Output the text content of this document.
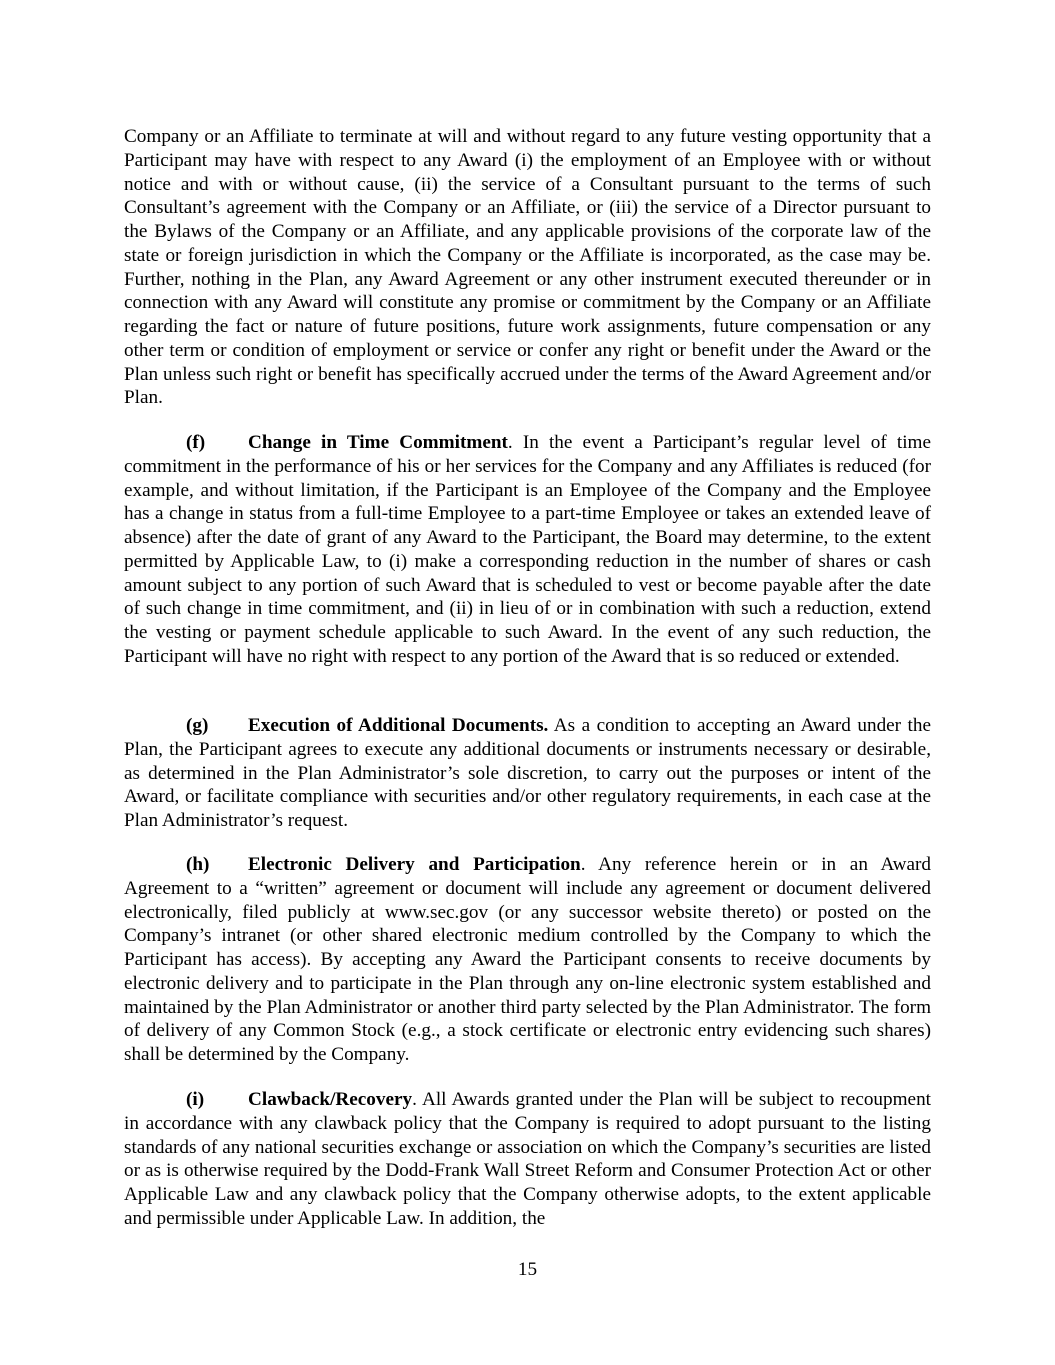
Company or an Affiliate to terminate at will and without regard to any future vesting opportunity that a Participant may have with respect to any Award (i) the employment of an Employee with or without notice and with or without cause, (ii) the service of a Consultant pursuant to the terms of such Consultant’s agreement with the Company or an Affiliate, or (iii) the service of a Director pursuant to the Bylaws of the Company or an Affiliate, and any applicable provisions of the corporate law of the state or foreign jurisdiction in which the Company or the Affiliate is incorporated, as the case may be. Further, nothing in the Plan, any Award Agreement or any other instrument executed thereunder or in connection with any Award will constitute any promise or commitment by the Company or an Affiliate regarding the fact or nature of future positions, future work assignments, future compensation or any other term or condition of employment or service or confer any right or benefit under the Award or the Plan unless such right or benefit has specifically accrued under the terms of the Award Agreement and/or Plan.

(f) Change in Time Commitment. In the event a Participant’s regular level of time commitment in the performance of his or her services for the Company and any Affiliates is reduced (for example, and without limitation, if the Participant is an Employee of the Company and the Employee has a change in status from a full-time Employee to a part-time Employee or takes an extended leave of absence) after the date of grant of any Award to the Participant, the Board may determine, to the extent permitted by Applicable Law, to (i) make a corresponding reduction in the number of shares or cash amount subject to any portion of such Award that is scheduled to vest or become payable after the date of such change in time commitment, and (ii) in lieu of or in combination with such a reduction, extend the vesting or payment schedule applicable to such Award. In the event of any such reduction, the Participant will have no right with respect to any portion of the Award that is so reduced or extended.

(g) Execution of Additional Documents. As a condition to accepting an Award under the Plan, the Participant agrees to execute any additional documents or instruments necessary or desirable, as determined in the Plan Administrator’s sole discretion, to carry out the purposes or intent of the Award, or facilitate compliance with securities and/or other regulatory requirements, in each case at the Plan Administrator’s request.

(h) Electronic Delivery and Participation. Any reference herein or in an Award Agreement to a “written” agreement or document will include any agreement or document delivered electronically, filed publicly at www.sec.gov (or any successor website thereto) or posted on the Company’s intranet (or other shared electronic medium controlled by the Company to which the Participant has access). By accepting any Award the Participant consents to receive documents by electronic delivery and to participate in the Plan through any on-line electronic system established and maintained by the Plan Administrator or another third party selected by the Plan Administrator. The form of delivery of any Common Stock (e.g., a stock certificate or electronic entry evidencing such shares) shall be determined by the Company.

(i) Clawback/Recovery. All Awards granted under the Plan will be subject to recoupment in accordance with any clawback policy that the Company is required to adopt pursuant to the listing standards of any national securities exchange or association on which the Company’s securities are listed or as is otherwise required by the Dodd-Frank Wall Street Reform and Consumer Protection Act or other Applicable Law and any clawback policy that the Company otherwise adopts, to the extent applicable and permissible under Applicable Law. In addition, the

15
